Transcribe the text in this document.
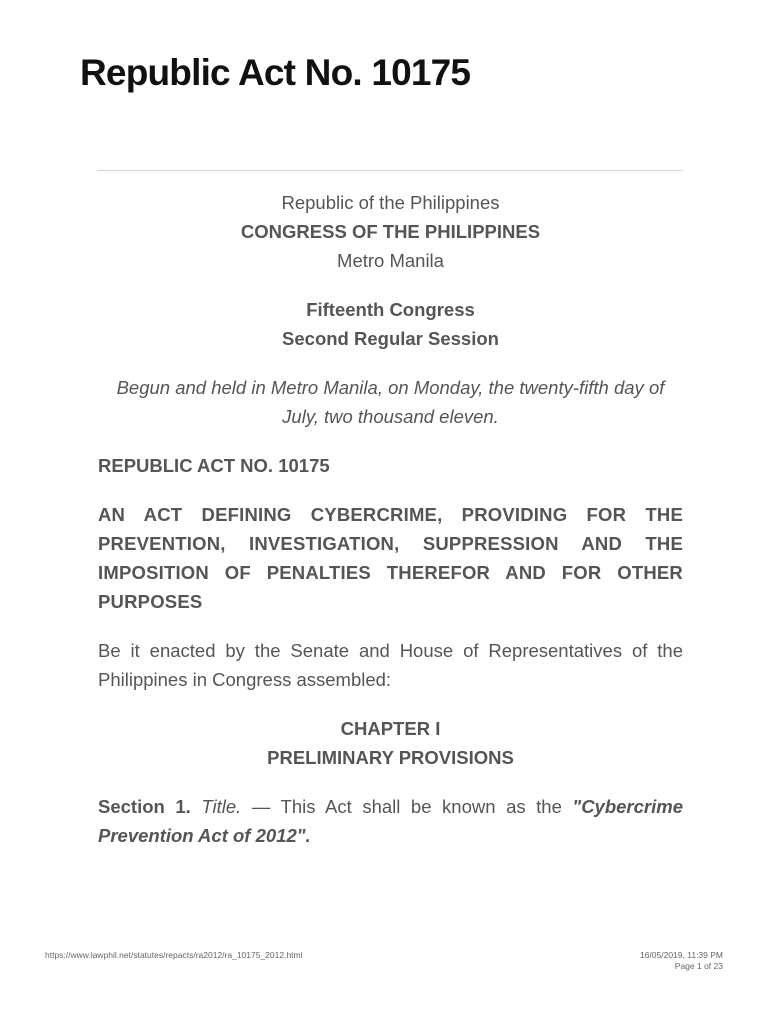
Republic Act No. 10175

Republic of the Philippines

CONGRESS OF THE PHILIPPINES

Metro Manila

Fifteenth Congress

Second Regular Session

Begun and held in Metro Manila, on Monday, the twenty-fifth day of July, two thousand eleven.

REPUBLIC ACT NO. 10175

AN ACT DEFINING CYBERCRIME, PROVIDING FOR THE PREVENTION, INVESTIGATION, SUPPRESSION AND THE IMPOSITION OF PENALTIES THEREFOR AND FOR OTHER PURPOSES

Be it enacted by the Senate and House of Representatives of the Philippines in Congress assembled:

CHAPTER I

PRELIMINARY PROVISIONS

Section 1. Title. — This Act shall be known as the "Cybercrime Prevention Act of 2012".

https://www.lawphil.net/statutes/repacts/ra2012/ra_10175_2012.html	16/05/2019, 11:39 PM
Page 1 of 23
